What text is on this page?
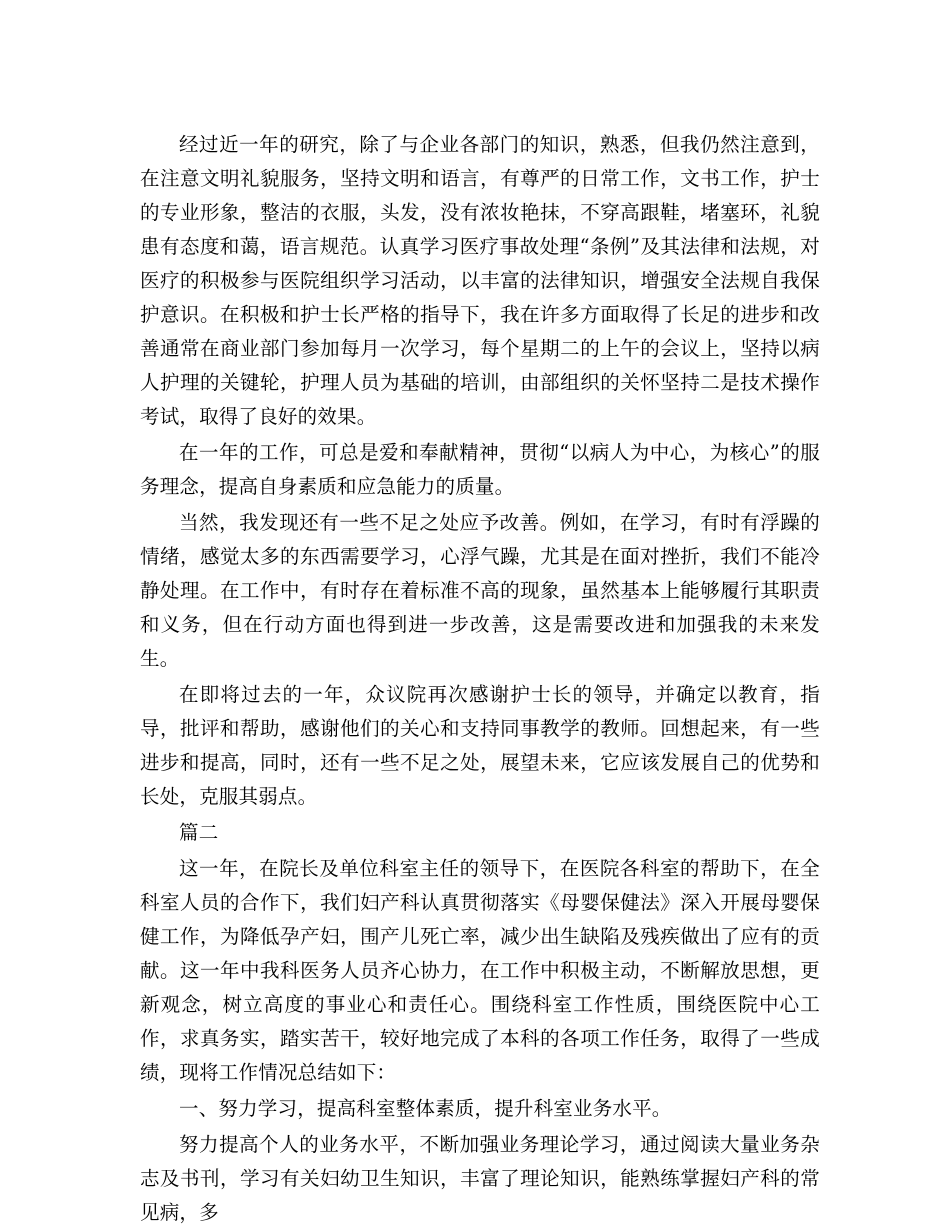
经过近一年的研究，除了与企业各部门的知识，熟悉，但我仍然注意到，在注意文明礼貌服务，坚持文明和语言，有尊严的日常工作，文书工作，护士的专业形象，整洁的衣服，头发，没有浓妆艳抹，不穿高跟鞋，堵塞环，礼貌患有态度和蔼，语言规范。认真学习医疗事故处理“条例”及其法律和法规，对医疗的积极参与医院组织学习活动，以丰富的法律知识，增强安全法规自我保护意识。在积极和护士长严格的指导下，我在许多方面取得了长足的进步和改善通常在商业部门参加每月一次学习，每个星期二的上午的会议上，坚持以病人护理的关键轮，护理人员为基础的培训，由部组织的关怀坚持二是技术操作考试，取得了良好的效果。

在一年的工作，可总是爱和奉献精神，贯彻“以病人为中心，为核心”的服务理念，提高自身素质和应急能力的质量。

当然，我发现还有一些不足之处应予改善。例如，在学习，有时有浮躁的情绪，感觉太多的东西需要学习，心浮气躁，尤其是在面对挫折，我们不能冷静处理。在工作中，有时存在着标准不高的现象，虽然基本上能够履行其职责和义务，但在行动方面也得到进一步改善，这是需要改进和加强我的未来发生。

在即将过去的一年，众议院再次感谢护士长的领导，并确定以教育，指导，批评和帮助，感谢他们的关心和支持同事教学的教师。回想起来，有一些进步和提高，同时，还有一些不足之处，展望未来，它应该发展自己的优势和长处，克服其弱点。

篇二

这一年，在院长及单位科室主任的领导下，在医院各科室的帮助下，在全科室人员的合作下，我们妇产科认真贯彻落实《母婴保健法》深入开展母婴保健工作，为降低孕产妇，围产儿死亡率，减少出生缺陷及残疾做出了应有的贡献。这一年中我科医务人员齐心协力，在工作中积极主动，不断解放思想，更新观念，树立高度的事业心和责任心。围绕科室工作性质，围绕医院中心工作，求真务实，踏实苦干，较好地完成了本科的各项工作任务，取得了一些成绩，现将工作情况总结如下：

一、努力学习，提高科室整体素质，提升科室业务水平。

努力提高个人的业务水平，不断加强业务理论学习，通过阅读大量业务杂志及书刊，学习有关妇幼卫生知识，丰富了理论知识，能熟练掌握妇产科的常见病，多
